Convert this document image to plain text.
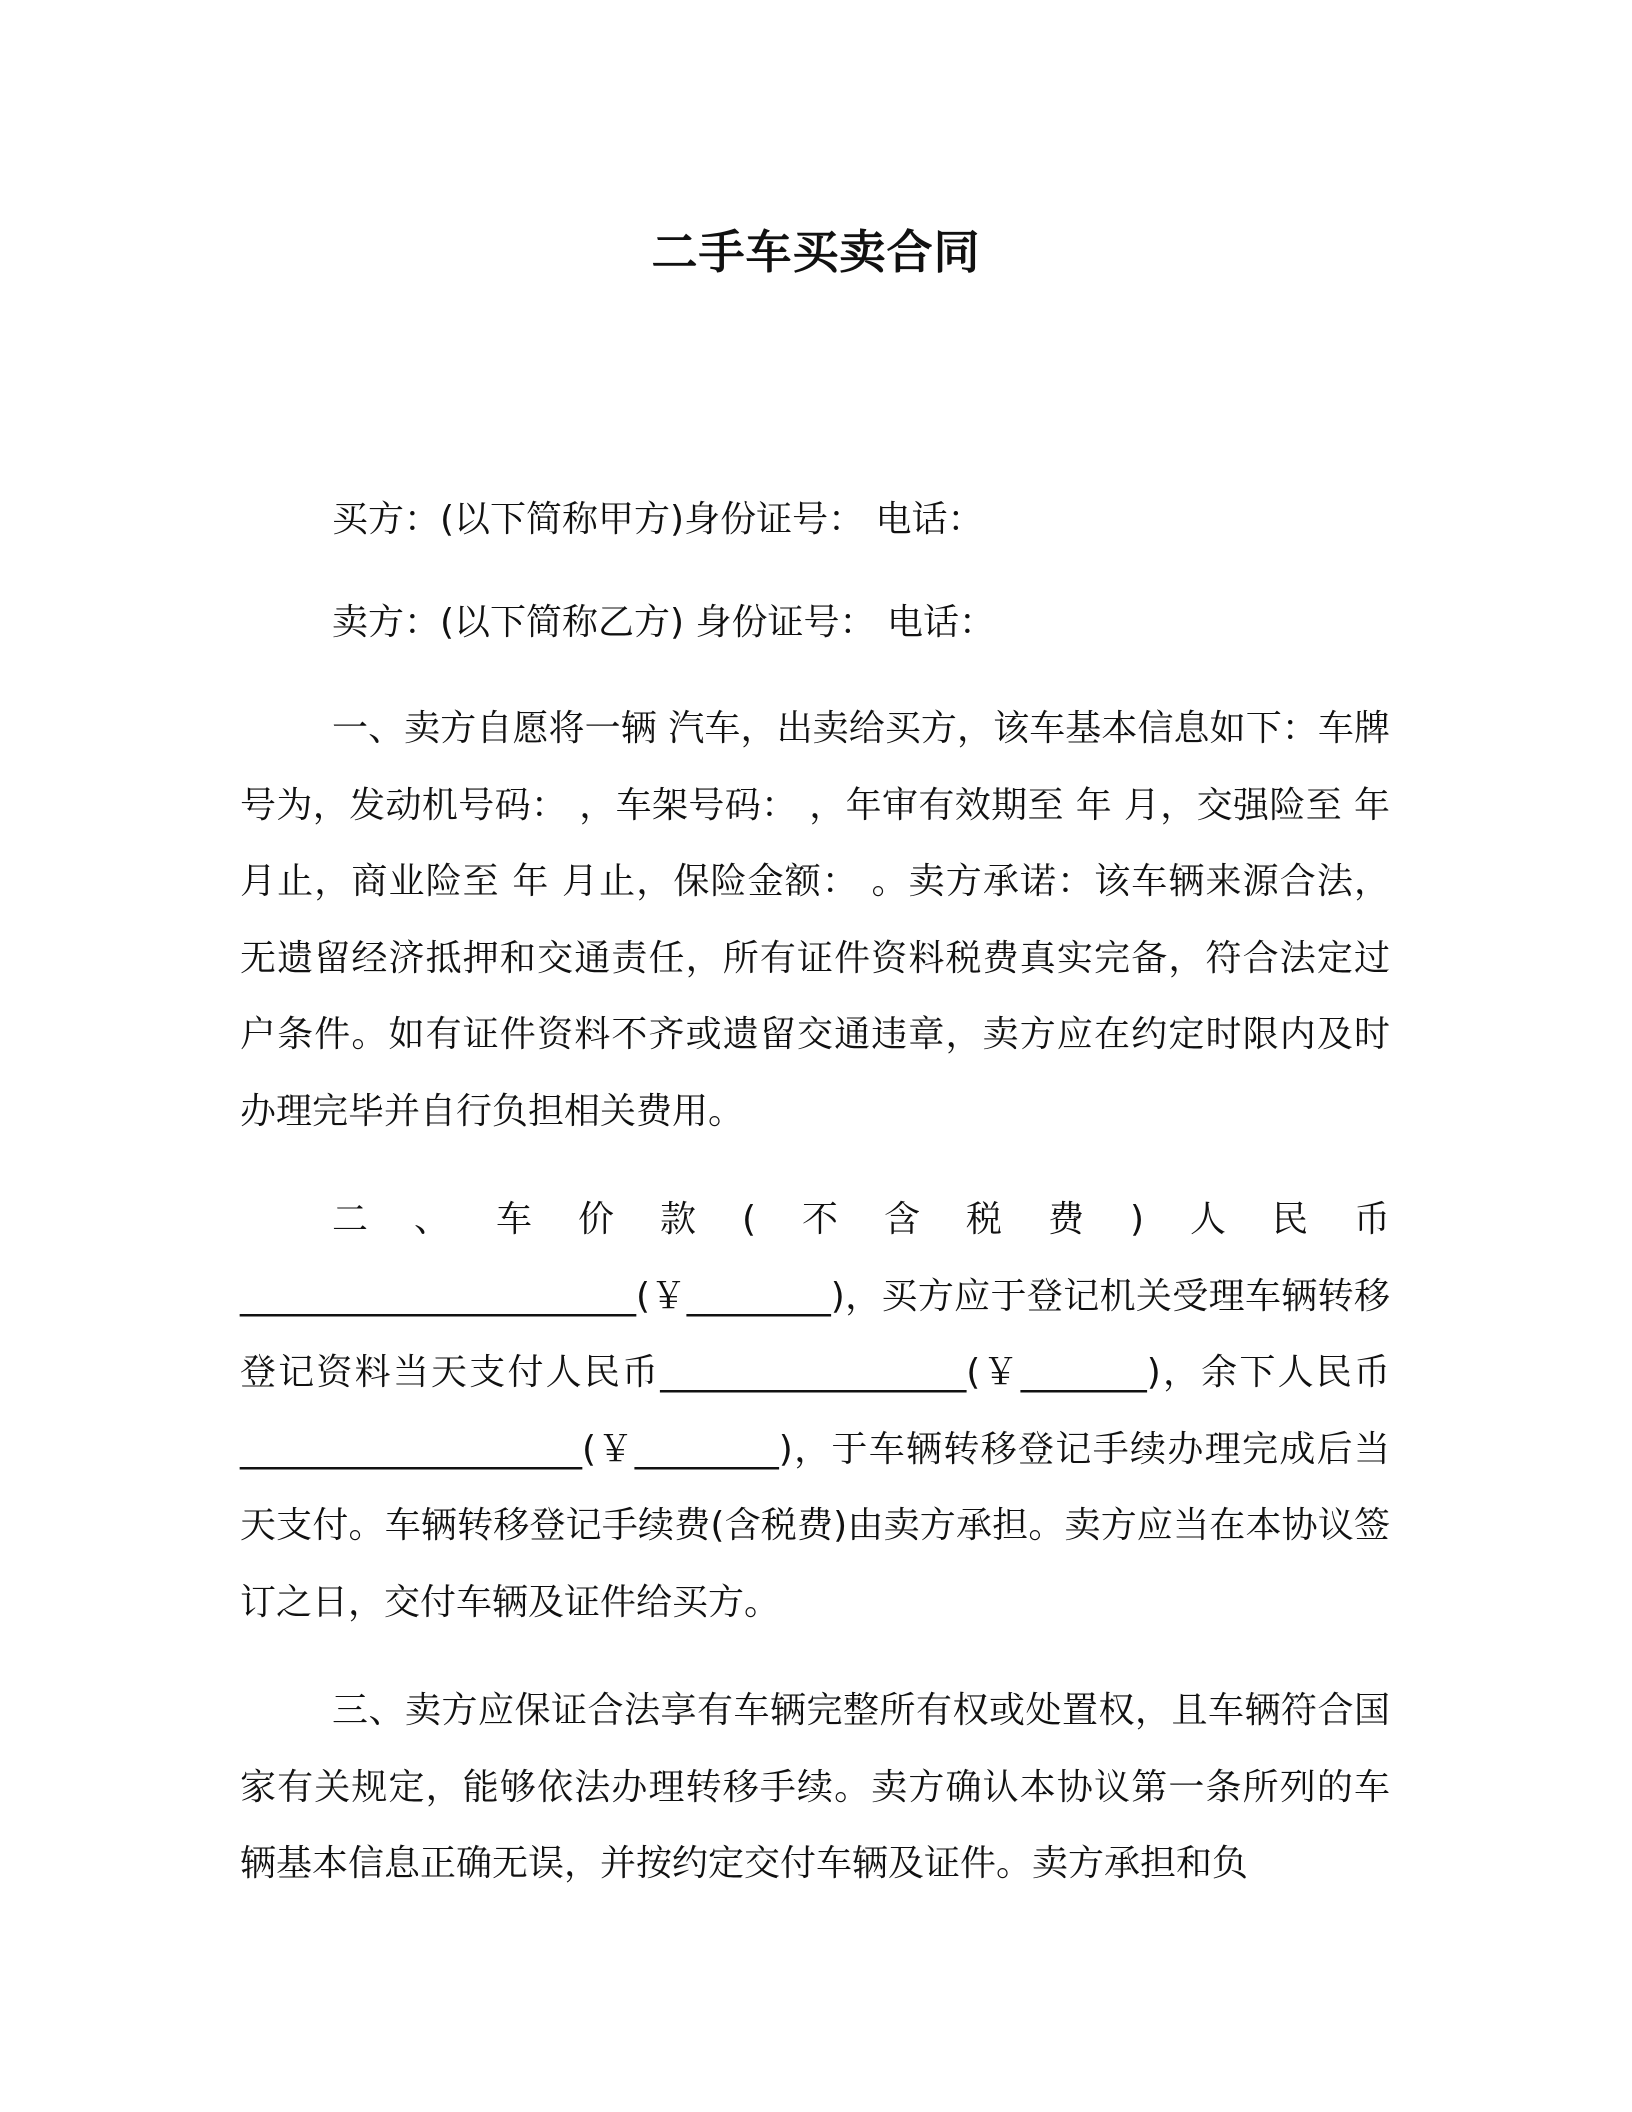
二手车买卖合同
买方：(以下简称甲方)身份证号： 电话：
卖方：(以下简称乙方) 身份证号： 电话：

一、卖方自愿将一辆 汽车，出卖给买方，该车基本信息如下：车牌号为，发动机号码： ，车架号码： ，年审有效期至 年 月，交强险至 年 月止，商业险至 年 月止，保险金额： 。卖方承诺：该车辆来源合法，无遗留经济抵押和交通责任，所有证件资料税费真实完备，符合法定过户条件。如有证件资料不齐或遗留交通违章，卖方应在约定时限内及时办理完毕并自行负担相关费用。

二、车价款(不含税费)人民币______________________(￥________)，买方应于登记机关受理车辆转移登记资料当天支付人民币_________________(￥_______)，余下人民币___________________(￥________)，于车辆转移登记手续办理完成后当天支付。车辆转移登记手续费(含税费)由卖方承担。卖方应当在本协议签订之日，交付车辆及证件给买方。

三、卖方应保证合法享有车辆完整所有权或处置权，且车辆符合国家有关规定，能够依法办理转移手续。卖方确认本协议第一条所列的车辆基本信息正确无误，并按约定交付车辆及证件。卖方承担和负
